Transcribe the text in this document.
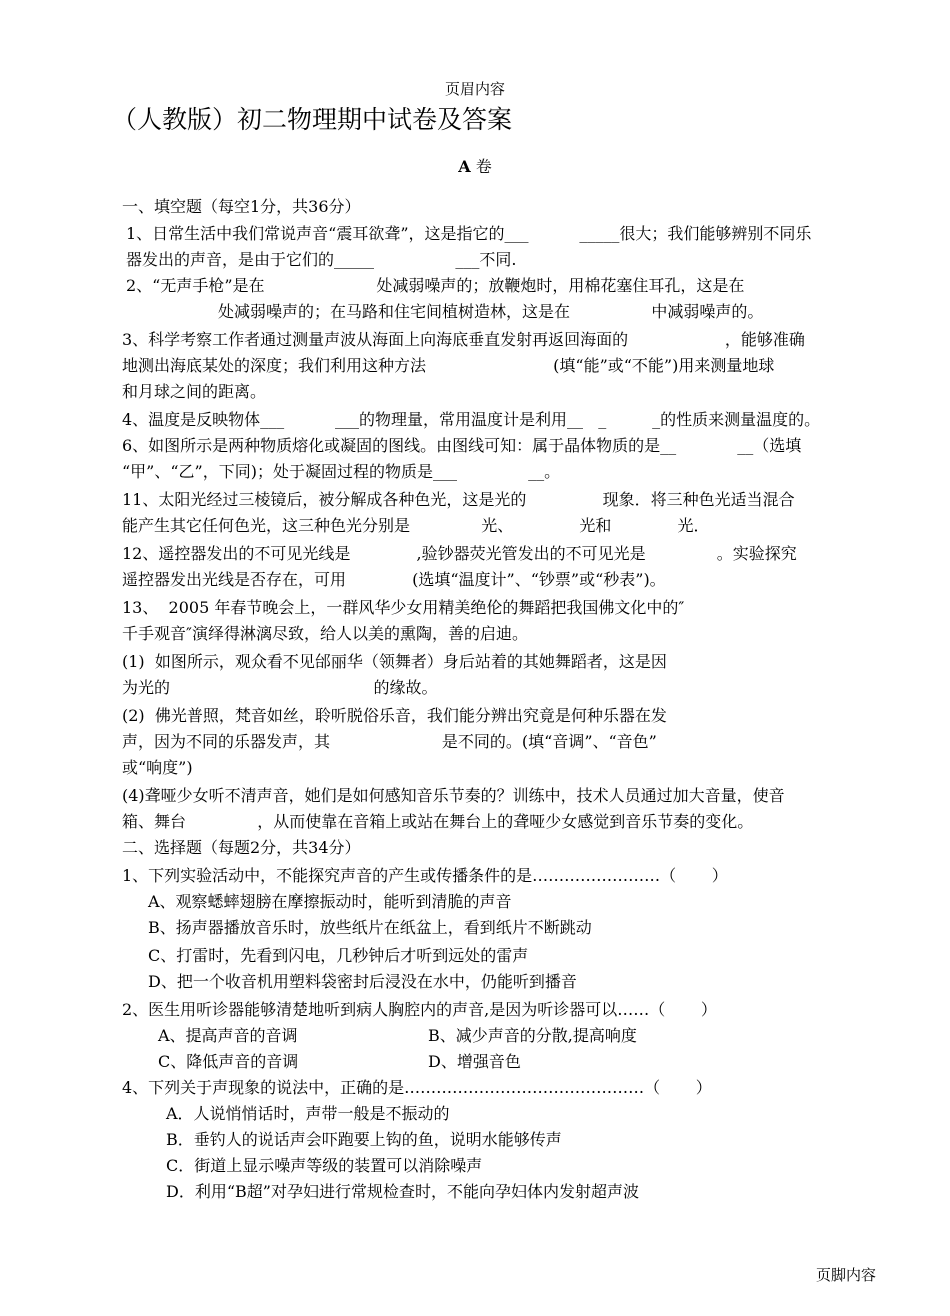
页眉内容
（人教版）初二物理期中试卷及答案
A 卷
一、填空题（每空1分，共36分）
1、日常生活中我们常说声音“震耳欲聋”，这是指它的___          _____很大；我们能够辨别不同乐
器发出的声音，是由于它们的_____                ___不同.
2、“无声手枪”是在                      处减弱噪声的；放鞭炮时，用棉花塞住耳孔，这是在
处减弱噪声的；在马路和住宅间植树造林，这是在                中减弱噪声的。
3、科学考察工作者通过测量声波从海面上向海底垂直发射再返回海面的                   ，能够准确
地测出海底某处的深度；我们利用这种方法                         (填“能”或“不能”)用来测量地球
和月球之间的距离。
4、温度是反映物体___          ___的物理量，常用温度计是利用__   _         _的性质来测量温度的。
6、如图所示是两种物质熔化或凝固的图线。由图线可知：属于晶体物质的是__            __（选填
“甲”、“乙”，下同)；处于凝固过程的物质是___              __。
11、太阳光经过三棱镜后，被分解成各种色光，这是光的               现象．将三种色光适当混合
能产生其它任何色光，这三种色光分别是              光、             光和             光．
12、遥控器发出的不可见光线是             ,验钞器荧光管发出的不可见光是              。实验探究
遥控器发出光线是否存在，可用             (选填“温度计”、“钞票”或“秒表”)。
13、  2005 年春节晚会上，一群风华少女用精美绝伦的舞蹈把我国佛文化中的″
千手观音″演绎得淋漓尽致，给人以美的熏陶，善的启迪。
(1)  如图所示，观众看不见邰丽华（领舞者）身后站着的其她舞蹈者，这是因
为光的                                        的缘故。
(2)  佛光普照，梵音如丝，聆听脱俗乐音，我们能分辨出究竟是何种乐器在发
声，因为不同的乐器发声，其                      是不同的。(填“音调”、“音色”
或“响度”)
(4)聋哑少女听不清声音，她们是如何感知音乐节奏的？训练中，技术人员通过加大音量，使音
箱、舞台              ，从而使靠在音箱上或站在舞台上的聋哑少女感觉到音乐节奏的变化。
二、选择题（每题2分，共34分）
1、下列实验活动中，不能探究声音的产生或传播条件的是……………………（       ）
A、观察蟋蟀翅膀在摩擦振动时，能听到清脆的声音
B、扬声器播放音乐时，放些纸片在纸盆上，看到纸片不断跳动
C、打雷时，先看到闪电，几秒钟后才听到远处的雷声
D、把一个收音机用塑料袋密封后浸没在水中，仍能听到播音
2、医生用听诊器能够清楚地听到病人胸腔内的声音,是因为听诊器可以……（       ）
A、提高声音的音调	B、减少声音的分散,提高响度
C、降低声音的音调	D、增强音色
4、下列关于声现象的说法中，正确的是………………………………………（       ）
A．人说悄悄话时，声带一般是不振动的
B．垂钓人的说话声会吓跑要上钩的鱼，说明水能够传声
C．街道上显示噪声等级的装置可以消除噪声
D．利用“B超”对孕妇进行常规检查时，不能向孕妇体内发射超声波
页脚内容
